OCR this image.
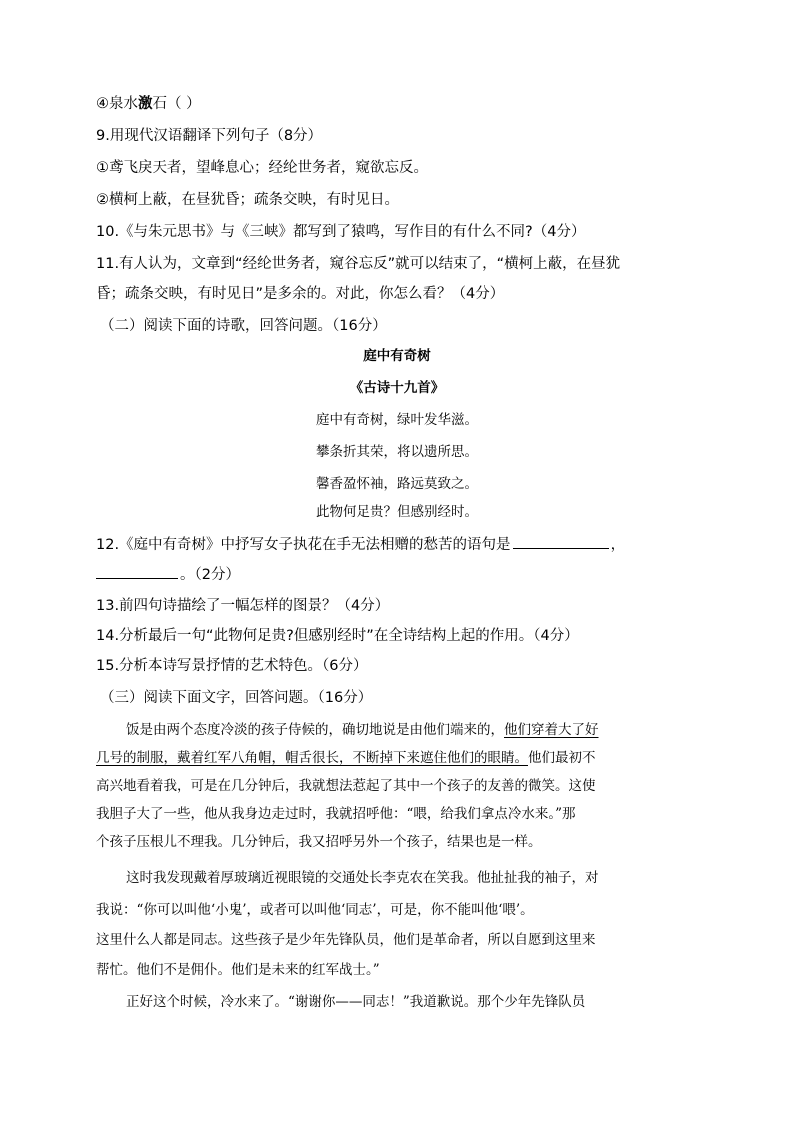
④泉水激石（ ）
9.用现代汉语翻译下列句子（8分）
①鸢飞戾天者，望峰息心；经纶世务者，窥欲忘反。
②横柯上蔽，在昼犹昏；疏条交映，有时见日。
10.《与朱元思书》与《三峡》都写到了猿鸣，写作目的有什么不同?（4分）
11.有人认为，文章到“经纶世务者，窥谷忘反”就可以结束了，“横柯上蔽，在昼犹
昏；疏条交映，有时见日”是多余的。对此，你怎么看？（4分）
（二）阅读下面的诗歌，回答问题。（16分）
庭中有奇树
《古诗十九首》
庭中有奇树，绿叶发华滋。
攀条折其荣，将以遗所思。
馨香盈怀袖，路远莫致之。
此物何足贵？但感别经时。
12.《庭中有奇树》中抒写女子执花在手无法相赠的愁苦的语句是	，
。（2分）
13.前四句诗描绘了一幅怎样的图景？（4分）
14.分析最后一句“此物何足贵?但感别经时”在全诗结构上起的作用。（4分）
15.分析本诗写景抒情的艺术特色。（6分）
（三）阅读下面文字，回答问题。（16分）
饭是由两个态度冷淡的孩子侍候的，确切地说是由他们端来的，他们穿着大了好
几号的制服，戴着红军八角帽，帽舌很长，不断掉下来遮住他们的眼睛。他们最初不
高兴地看着我，可是在几分钟后，我就想法惹起了其中一个孩子的友善的微笑。这使
我胆子大了一些，他从我身边走过时，我就招呼他：“喂，给我们拿点冷水来。”那
个孩子压根儿不理我。几分钟后，我又招呼另外一个孩子，结果也是一样。
这时我发现戴着厚玻璃近视眼镜的交通处长李克农在笑我。他扯扯我的袖子，对
我说：“你可以叫他‘小鬼’，或者可以叫他‘同志’，可是，你不能叫他‘喂’。
这里什么人都是同志。这些孩子是少年先锋队员，他们是革命者，所以自愿到这里来
帮忙。他们不是佣仆。他们是未来的红军战士。”
正好这个时候，冷水来了。“谢谢你——同志！”我道歉说。那个少年先锋队员
